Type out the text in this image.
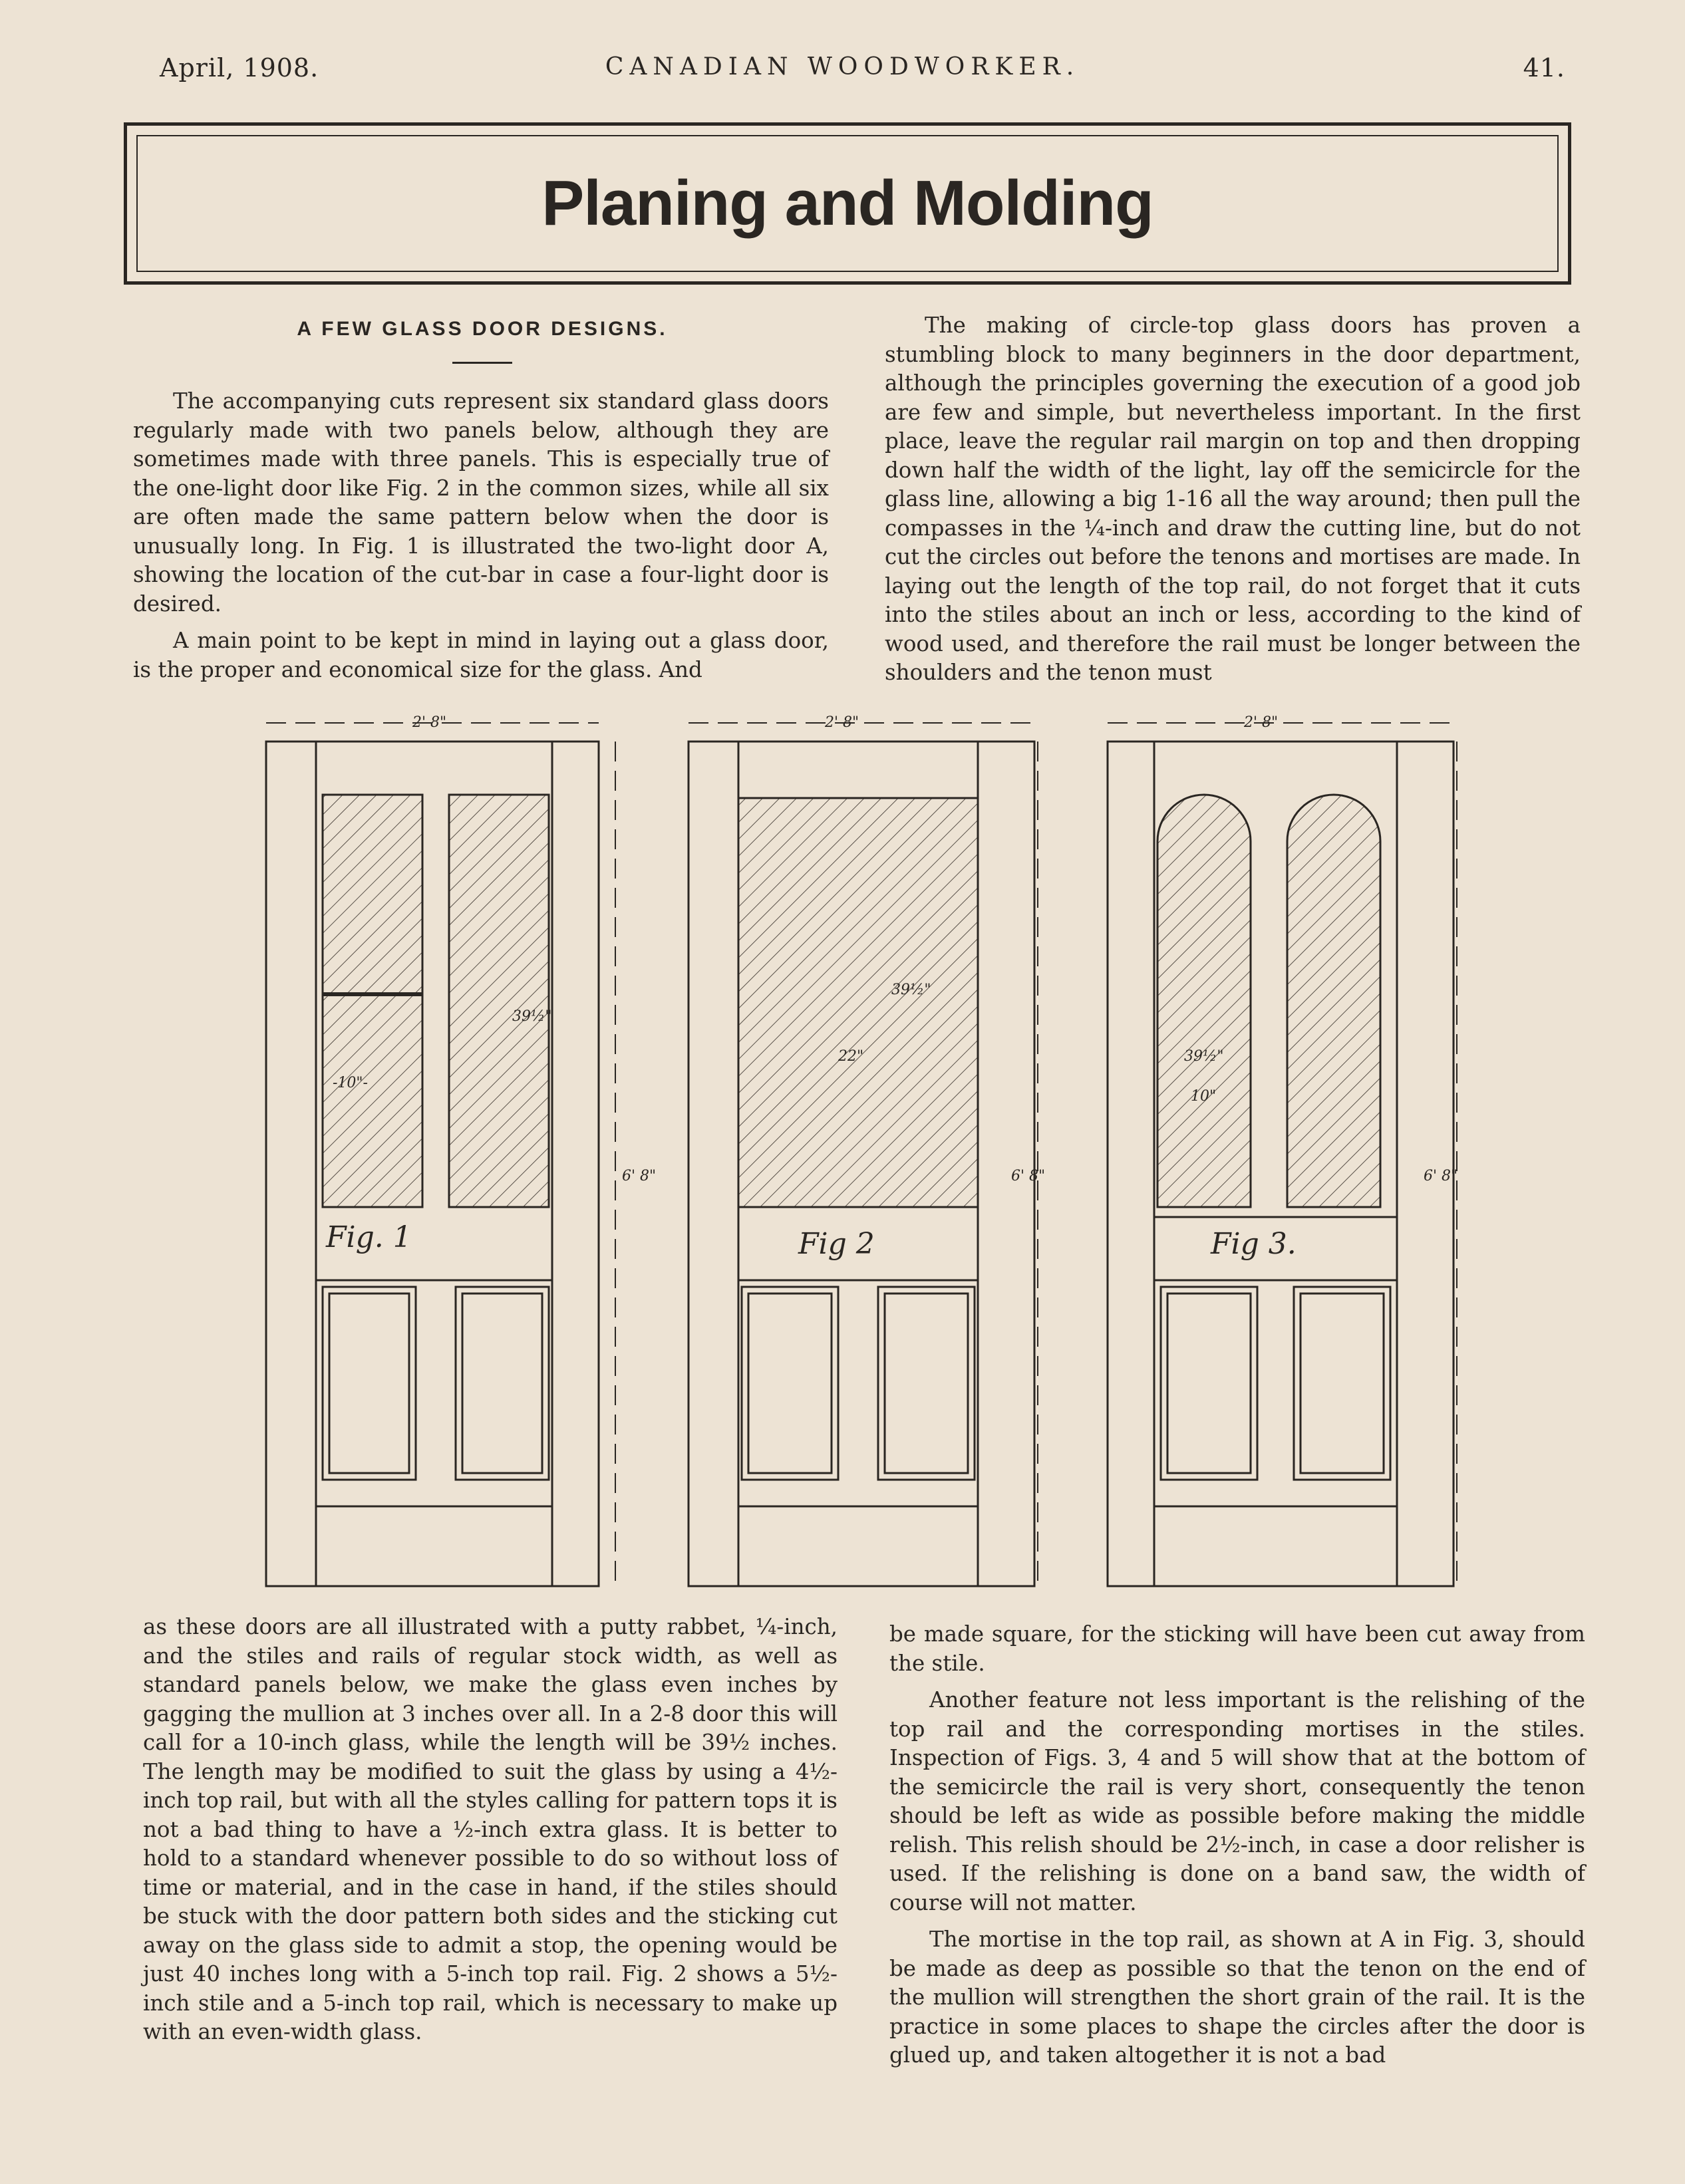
April, 1908.	CANADIAN WOODWORKER.	41.
Planing and Molding
A FEW GLASS DOOR DESIGNS.

The accompanying cuts represent six standard glass doors regularly made with two panels below, although they are sometimes made with three panels. This is especially true of the one-light door like Fig. 2 in the common sizes, while all six are often made the same pattern below when the door is unusually long. In Fig. 1 is illustrated the two-light door A, showing the location of the cut-bar in case a four-light door is desired.

A main point to be kept in mind in laying out a glass door, is the proper and economical size for the glass. And

The making of circle-top glass doors has proven a stumbling block to many beginners in the door department, although the principles governing the execution of a good job are few and simple, but nevertheless important. In the first place, leave the regular rail margin on top and then dropping down half the width of the light, lay off the semicircle for the glass line, allowing a big 1-16 all the way around; then pull the compasses in the ¼-inch and draw the cutting line, but do not cut the circles out before the tenons and mortises are made. In laying out the length of the top rail, do not forget that it cuts into the stiles about an inch or less, according to the kind of wood used, and therefore the rail must be longer between the shoulders and the tenon must

Fig. 1
2' 8"
6' 8"
39½"
-10"-
Fig 2
2' 8"
6' 8"
39½"
22"
Fig 3.
2' 8"
6' 8"
39½"
10"

as these doors are all illustrated with a putty rabbet, ¼-inch, and the stiles and rails of regular stock width, as well as standard panels below, we make the glass even inches by gagging the mullion at 3 inches over all. In a 2-8 door this will call for a 10-inch glass, while the length will be 39½ inches. The length may be modified to suit the glass by using a 4½-inch top rail, but with all the styles calling for pattern tops it is not a bad thing to have a ½-inch extra glass. It is better to hold to a standard whenever possible to do so without loss of time or material, and in the case in hand, if the stiles should be stuck with the door pattern both sides and the sticking cut away on the glass side to admit a stop, the opening would be just 40 inches long with a 5-inch top rail. Fig. 2 shows a 5½-inch stile and a 5-inch top rail, which is necessary to make up with an even-width glass.

be made square, for the sticking will have been cut away from the stile.

Another feature not less important is the relishing of the top rail and the corresponding mortises in the stiles. Inspection of Figs. 3, 4 and 5 will show that at the bottom of the semicircle the rail is very short, consequently the tenon should be left as wide as possible before making the middle relish. This relish should be 2½-inch, in case a door relisher is used. If the relishing is done on a band saw, the width of course will not matter.

The mortise in the top rail, as shown at A in Fig. 3, should be made as deep as possible so that the tenon on the end of the mullion will strengthen the short grain of the rail. It is the practice in some places to shape the circles after the door is glued up, and taken altogether it is not a bad
